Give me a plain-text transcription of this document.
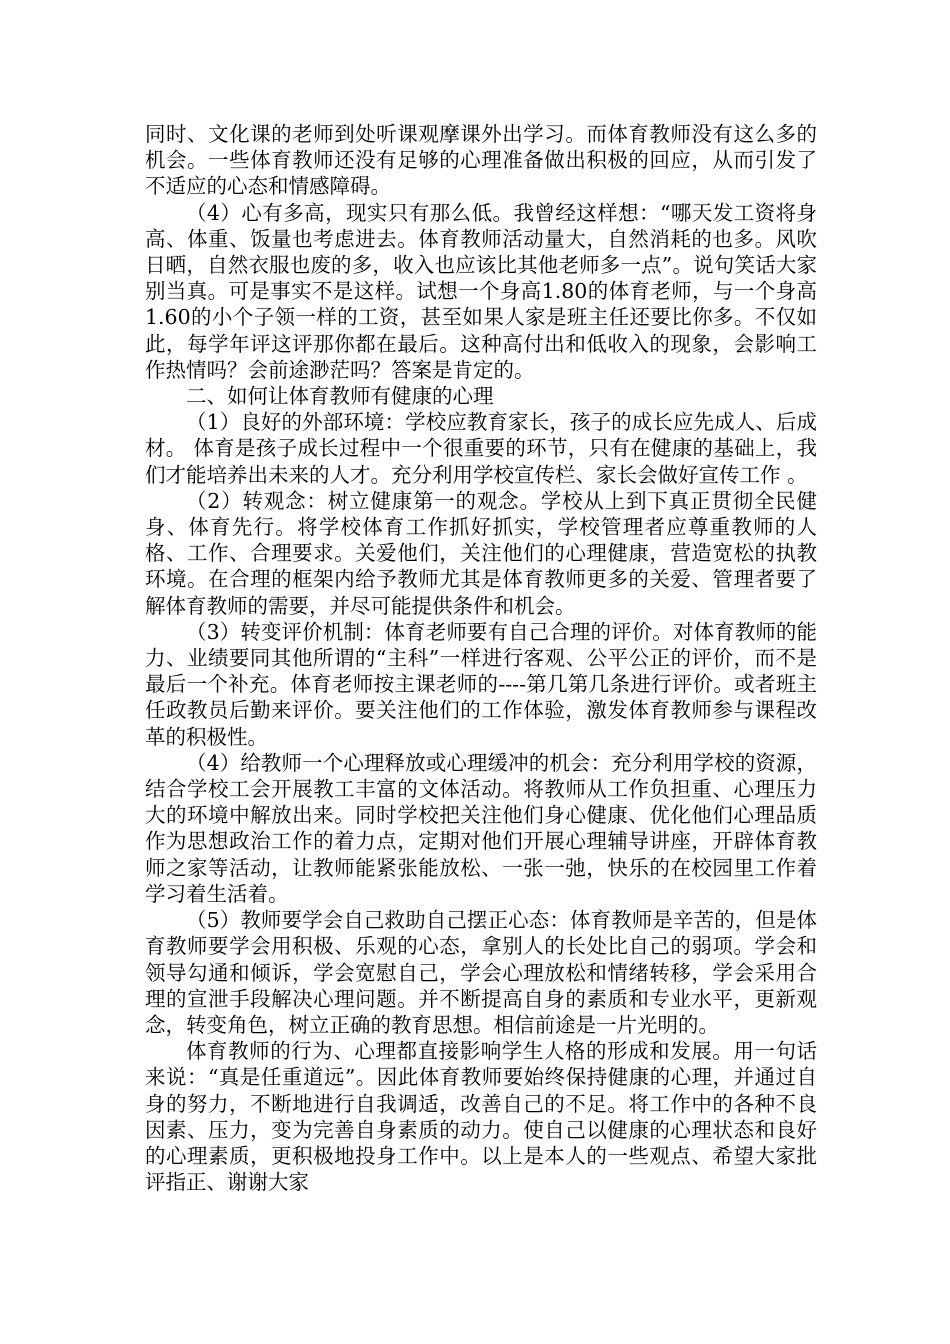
同时、文化课的老师到处听课观摩课外出学习。而体育教师没有这么多的机会。一些体育教师还没有足够的心理准备做出积极的回应，从而引发了不适应的心态和情感障碍。

（4）心有多高，现实只有那么低。我曾经这样想：“哪天发工资将身高、体重、饭量也考虑进去。体育教师活动量大，自然消耗的也多。风吹日晒，自然衣服也废的多，收入也应该比其他老师多一点”。说句笑话大家别当真。可是事实不是这样。试想一个身高1.80的体育老师，与一个身高1.60的小个子领一样的工资，甚至如果人家是班主任还要比你多。不仅如此，每学年评这评那你都在最后。这种高付出和低收入的现象，会影响工作热情吗？会前途渺茫吗？答案是肯定的。

二、如何让体育教师有健康的心理

（1）良好的外部环境：学校应教育家长，孩子的成长应先成人、后成材。 体育是孩子成长过程中一个很重要的环节，只有在健康的基础上，我们才能培养出未来的人才。充分利用学校宣传栏、家长会做好宣传工作 。

（2）转观念：树立健康第一的观念。学校从上到下真正贯彻全民健身、体育先行。将学校体育工作抓好抓实，学校管理者应尊重教师的人格、工作、合理要求。关爱他们，关注他们的心理健康，营造宽松的执教环境。在合理的框架内给予教师尤其是体育教师更多的关爱、管理者要了解体育教师的需要，并尽可能提供条件和机会。

（3）转变评价机制：体育老师要有自己合理的评价。对体育教师的能力、业绩要同其他所谓的“主科”一样进行客观、公平公正的评价，而不是最后一个补充。体育老师按主课老师的----第几第几条进行评价。或者班主任政教员后勤来评价。要关注他们的工作体验，激发体育教师参与课程改革的积极性。

（4）给教师一个心理释放或心理缓冲的机会：充分利用学校的资源，结合学校工会开展教工丰富的文体活动。将教师从工作负担重、心理压力大的环境中解放出来。同时学校把关注他们身心健康、优化他们心理品质作为思想政治工作的着力点，定期对他们开展心理辅导讲座，开辟体育教师之家等活动，让教师能紧张能放松、一张一弛，快乐的在校园里工作着学习着生活着。

（5）教师要学会自己救助自己摆正心态：体育教师是辛苦的，但是体育教师要学会用积极、乐观的心态，拿别人的长处比自己的弱项。学会和领导勾通和倾诉，学会宽慰自己，学会心理放松和情绪转移，学会采用合理的宣泄手段解决心理问题。并不断提高自身的素质和专业水平，更新观念，转变角色，树立正确的教育思想。相信前途是一片光明的。

体育教师的行为、心理都直接影响学生人格的形成和发展。用一句话来说：“真是任重道远”。因此体育教师要始终保持健康的心理，并通过自身的努力，不断地进行自我调适，改善自己的不足。将工作中的各种不良因素、压力，变为完善自身素质的动力。使自己以健康的心理状态和良好的心理素质，更积极地投身工作中。以上是本人的一些观点、希望大家批评指正、谢谢大家
